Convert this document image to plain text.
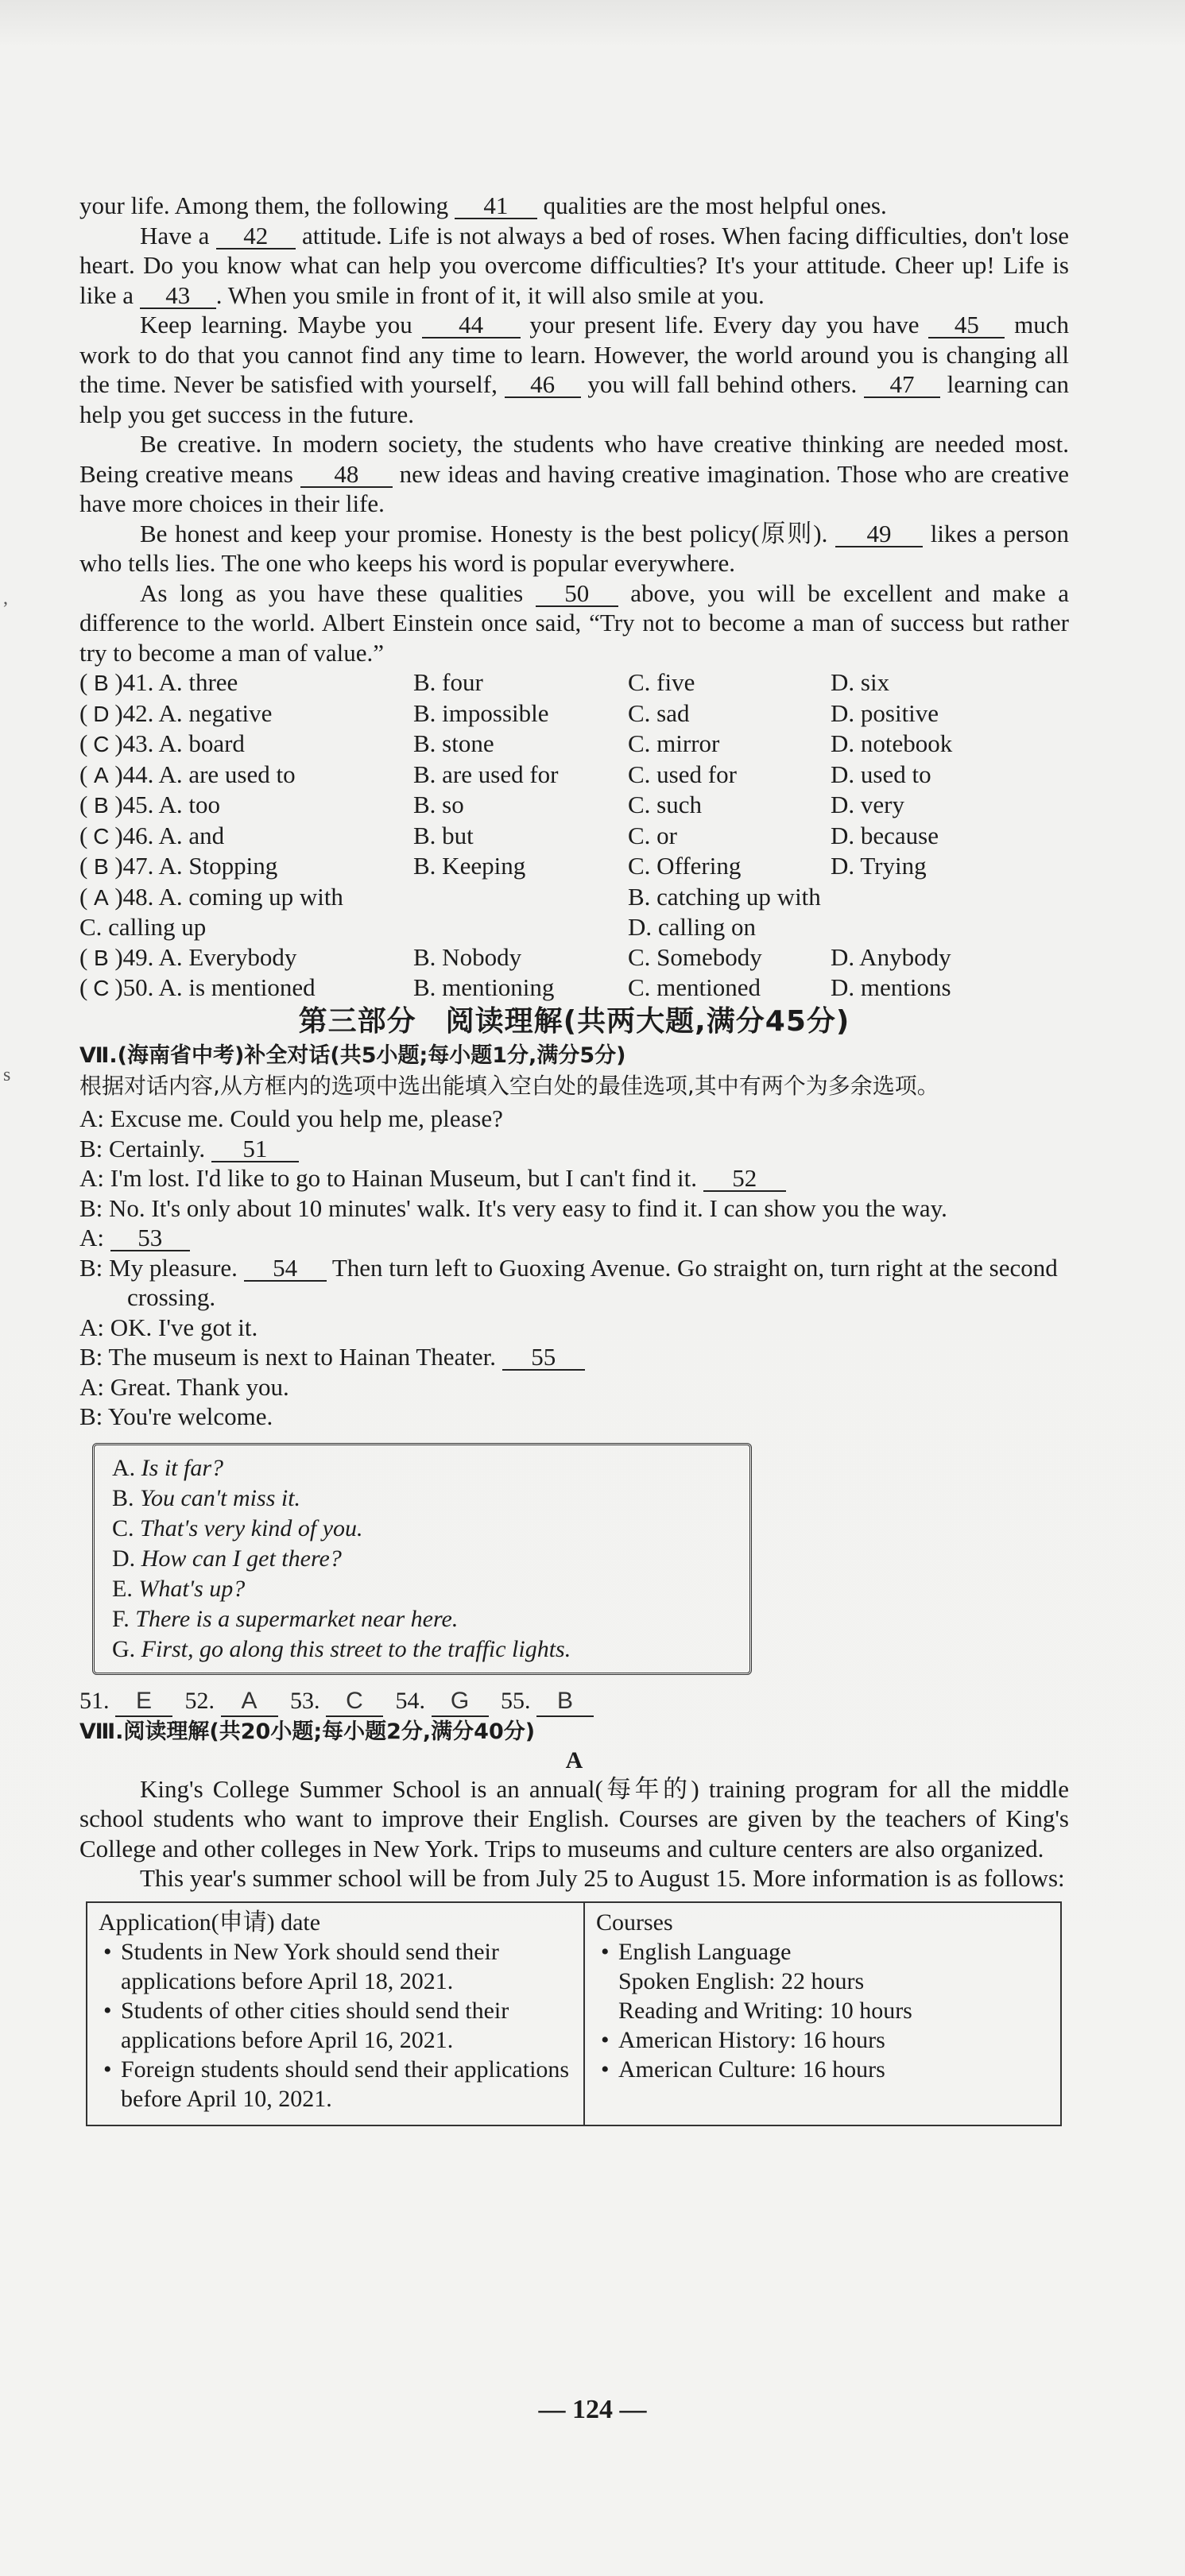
,
s

your life. Among them, the following 41 qualities are the most helpful ones.

Have a 42 attitude. Life is not always a bed of roses. When facing difficulties, don't lose heart. Do you know what can help you overcome difficulties? It's your attitude. Cheer up! Life is like a 43 . When you smile in front of it, it will also smile at you.

Keep learning. Maybe you 44 your present life. Every day you have 45 much work to do that you cannot find any time to learn. However, the world around you is changing all the time. Never be satisfied with yourself, 46 you will fall behind others. 47 learning can help you get success in the future.

Be creative. In modern society, the students who have creative thinking are needed most. Being creative means 48 new ideas and having creative imagination. Those who are creative have more choices in their life.

Be honest and keep your promise. Honesty is the best policy(原则). 49 likes a person who tells lies. The one who keeps his word is popular everywhere.

As long as you have these qualities 50 above, you will be excellent and make a difference to the world. Albert Einstein once said, “Try not to become a man of success but rather try to become a man of value.”

( B )41. A. three	B. four	C. five	D. six
( D )42. A. negative	B. impossible	C. sad	D. positive
( C )43. A. board	B. stone	C. mirror	D. notebook
( A )44. A. are used to	B. are used for	C. used for	D. used to
( B )45. A. too	B. so	C. such	D. very
( C )46. A. and	B. but	C. or	D. because
( B )47. A. Stopping	B. Keeping	C. Offering	D. Trying
( A )48. A. coming up with	B. catching up with
C. calling up	D. calling on
( B )49. A. Everybody	B. Nobody	C. Somebody	D. Anybody
( C )50. A. is mentioned	B. mentioning	C. mentioned	D. mentions
第三部分　阅读理解(共两大题,满分45分)
Ⅶ.(海南省中考)补全对话(共5小题;每小题1分,满分5分)

根据对话内容,从方框内的选项中选出能填入空白处的最佳选项,其中有两个为多余选项。

A: Excuse me. Could you help me, please?

B: Certainly. 51

A: I'm lost. I'd like to go to Hainan Museum, but I can't find it. 52

B: No. It's only about 10 minutes' walk. It's very easy to find it. I can show you the way.

A: 53

B: My pleasure. 54 Then turn left to Guoxing Avenue. Go straight on, turn right at the second crossing.

A: OK. I've got it.

B: The museum is next to Hainan Theater. 55

A: Great. Thank you.

B: You're welcome.

A. Is it far?
B. You can't miss it.
C. That's very kind of you.
D. How can I get there?
E. What's up?
F. There is a supermarket near here.
G. First, go along this street to the traffic lights.
51. E 52. A 53. C 54. G 55. B
Ⅷ.阅读理解(共20小题;每小题2分,满分40分)
A

King's College Summer School is an annual(每年的) training program for all the middle school students who want to improve their English. Courses are given by the teachers of King's College and other colleges in New York. Trips to museums and culture centers are also organized.

This year's summer school will be from July 25 to August 15. More information is as follows:

Application(申请) date
• Students in New York should send their applications before April 18, 2021.
• Students of other cities should send their applications before April 16, 2021.
• Foreign students should send their applications before April 10, 2021.

Courses
• English Language
Spoken English: 22 hours
Reading and Writing: 10 hours
• American History: 16 hours
• American Culture: 16 hours
— 124 —
